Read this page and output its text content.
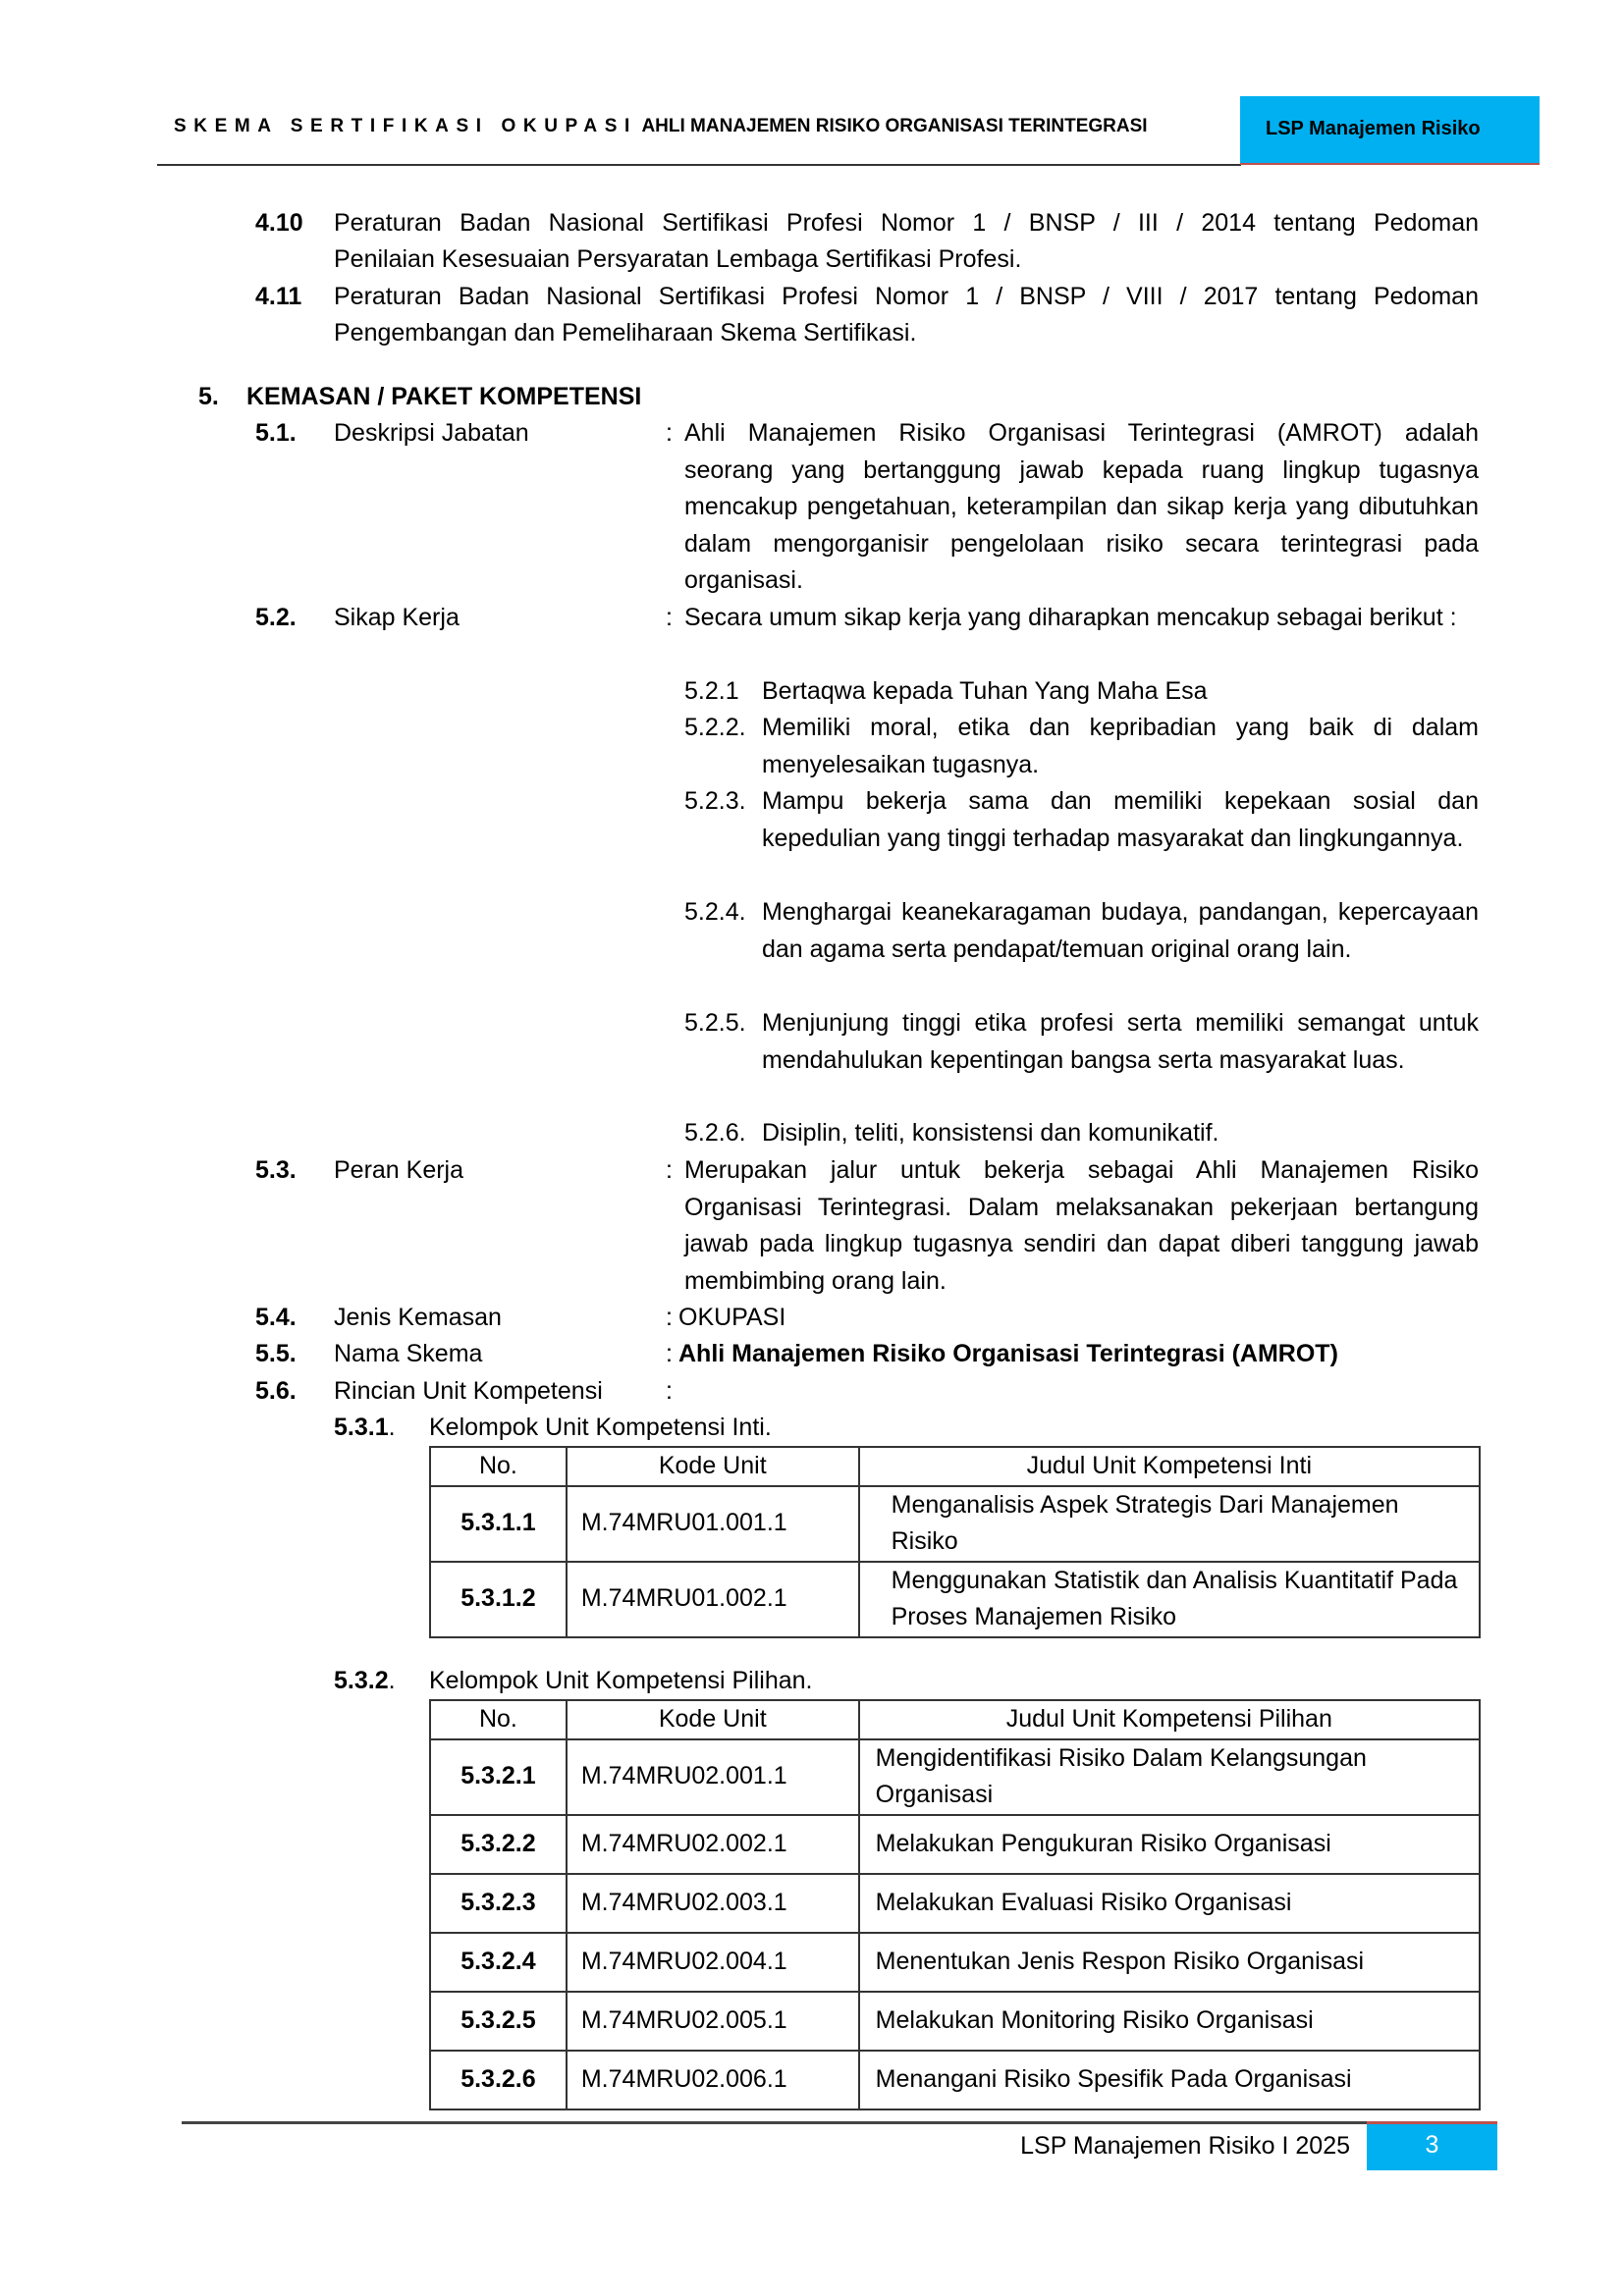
SKEMA SERTIFIKASI OKUPASI AHLI MANAJEMEN RISIKO ORGANISASI TERINTEGRASI	LSP Manajemen Risiko
4.10 Peraturan Badan Nasional Sertifikasi Profesi Nomor 1 / BNSP / III / 2014 tentang Pedoman
Penilaian Kesesuaian Persyaratan Lembaga Sertifikasi Profesi.
4.11 Peraturan Badan Nasional Sertifikasi Profesi Nomor 1 / BNSP / VIII / 2017 tentang Pedoman
Pengembangan dan Pemeliharaan Skema Sertifikasi.
5. KEMASAN / PAKET KOMPETENSI
5.1. Deskripsi Jabatan	: Ahli Manajemen Risiko Organisasi Terintegrasi (AMROT) adalah seorang yang bertanggung jawab kepada ruang lingkup tugasnya mencakup pengetahuan, keterampilan dan sikap kerja yang dibutuhkan dalam mengorganisir pengelolaan risiko secara terintegrasi pada organisasi.

5.2. Sikap Kerja	: Secara umum sikap kerja yang diharapkan mencakup sebagai berikut :

5.2.1 Bertaqwa kepada Tuhan Yang Maha Esa

5.2.2. Memiliki moral, etika dan kepribadian yang baik di dalam menyelesaikan tugasnya.

5.2.3. Mampu bekerja sama dan memiliki kepekaan sosial dan kepedulian yang tinggi terhadap masyarakat dan lingkungannya.

5.2.4. Menghargai keanekaragaman budaya, pandangan, kepercayaan dan agama serta pendapat/temuan original orang lain.

5.2.5. Menjunjung tinggi etika profesi serta memiliki semangat untuk mendahulukan kepentingan bangsa serta masyarakat luas.

5.2.6. Disiplin, teliti, konsistensi dan komunikatif.

5.3. Peran Kerja	: Merupakan jalur untuk bekerja sebagai Ahli Manajemen Risiko Organisasi Terintegrasi. Dalam melaksanakan pekerjaan bertangung jawab pada lingkup tugasnya sendiri dan dapat diberi tanggung jawab membimbing orang lain.

5.4. Jenis Kemasan	: OKUPASI
5.5. Nama Skema	: Ahli Manajemen Risiko Organisasi Terintegrasi (AMROT)
5.6. Rincian Unit Kompetensi	:
5.3.1. Kelompok Unit Kompetensi Inti.
No.	Kode Unit	Judul Unit Kompetensi Inti
5.3.1.1	M.74MRU01.001.1	Menganalisis Aspek Strategis Dari Manajemen Risiko
5.3.1.2	M.74MRU01.002.1	Menggunakan Statistik dan Analisis Kuantitatif Pada Proses Manajemen Risiko
5.3.2. Kelompok Unit Kompetensi Pilihan.
No.	Kode Unit	Judul Unit Kompetensi Pilihan
5.3.2.1	M.74MRU02.001.1	Mengidentifikasi Risiko Dalam Kelangsungan Organisasi
5.3.2.2	M.74MRU02.002.1	Melakukan Pengukuran Risiko Organisasi
5.3.2.3	M.74MRU02.003.1	Melakukan Evaluasi Risiko Organisasi
5.3.2.4	M.74MRU02.004.1	Menentukan Jenis Respon Risiko Organisasi
5.3.2.5	M.74MRU02.005.1	Melakukan Monitoring Risiko Organisasi
5.3.2.6	M.74MRU02.006.1	Menangani Risiko Spesifik Pada Organisasi
LSP Manajemen Risiko I 2025	3
